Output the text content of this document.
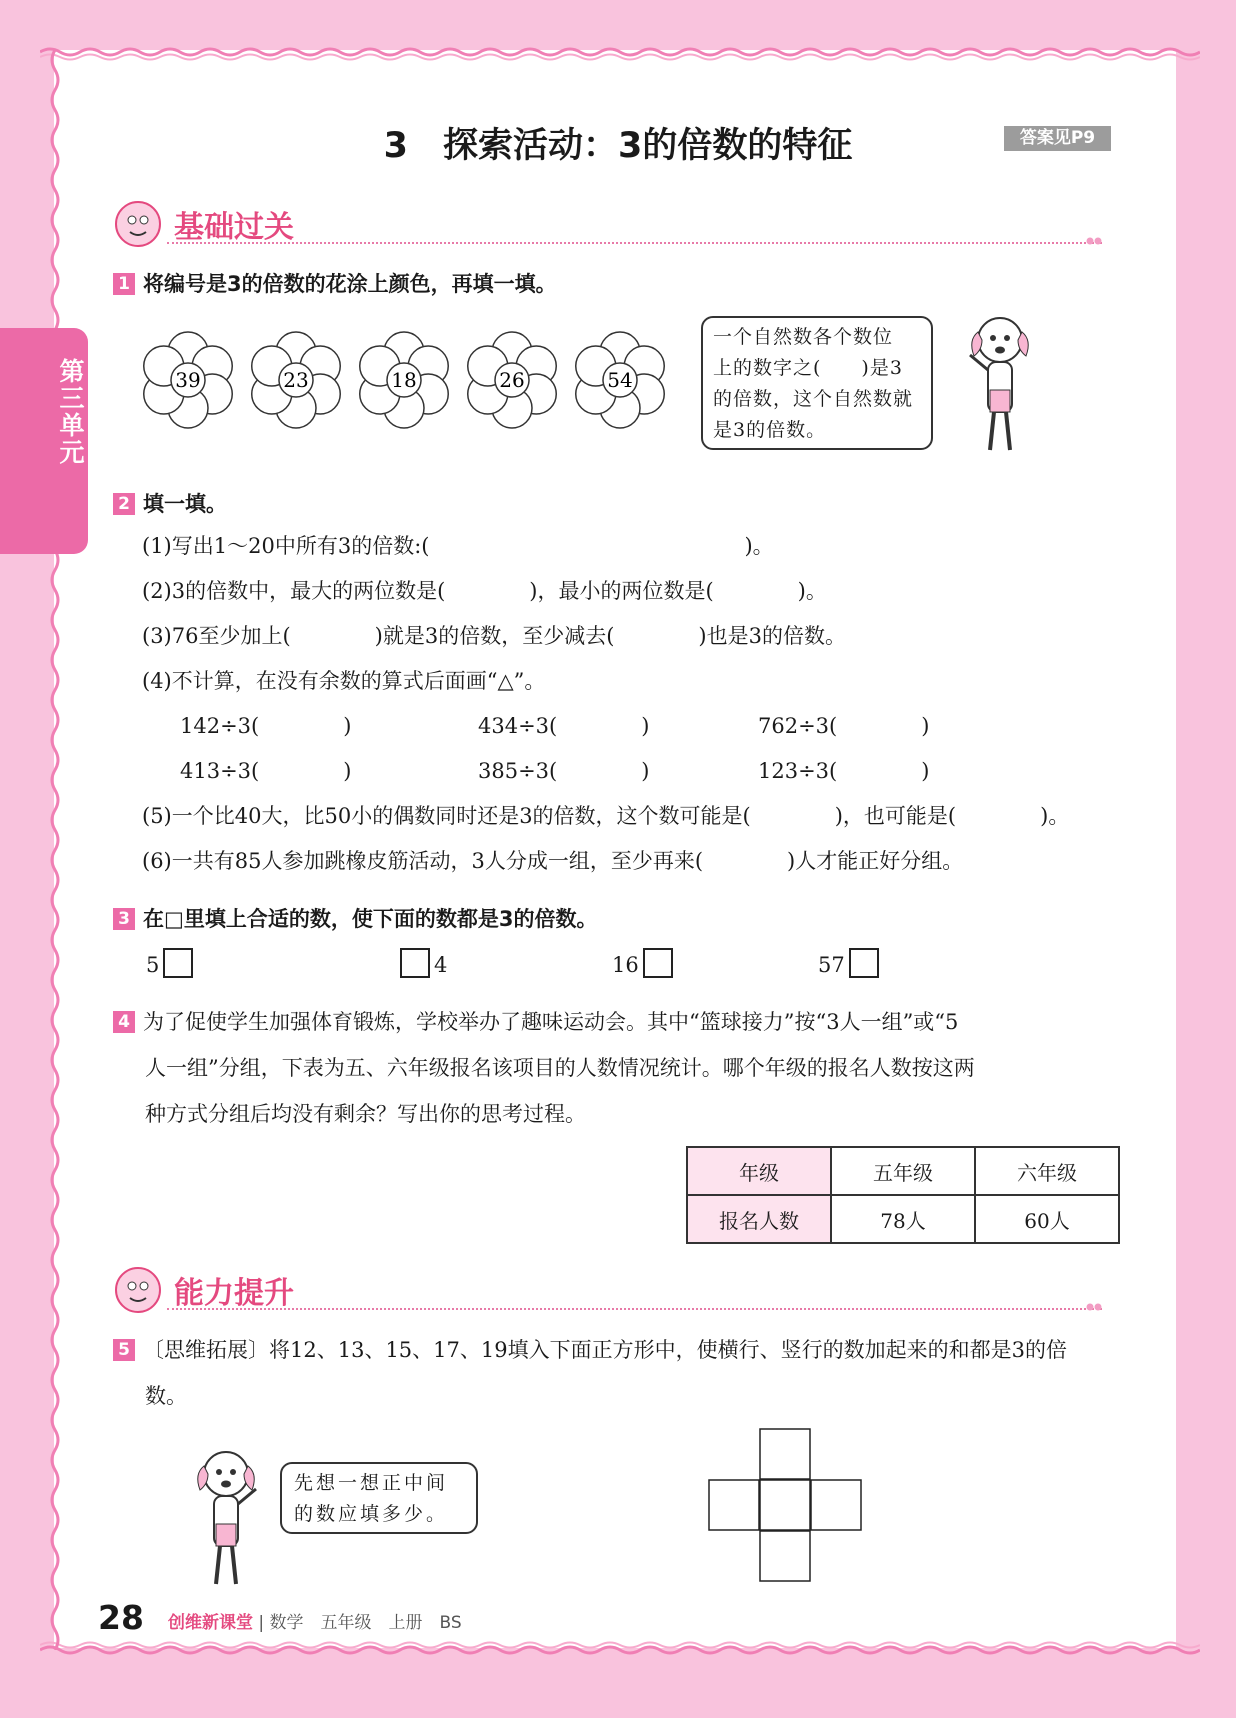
第三单元
3　探索活动：3的倍数的特征	答案见P9
基础过关
1 将编号是3的倍数的花涂上颜色，再填一填。
39	23	18	26	54
一个自然数各个数位
上的数字之(　　)是3
的倍数，这个自然数就
是3的倍数。
2 填一填。
(1)写出1～20中所有3的倍数:(　　　　　　　　　　　　　　　)。
(2)3的倍数中，最大的两位数是(　　　　)，最小的两位数是(　　　　)。
(3)76至少加上(　　　　)就是3的倍数，至少减去(　　　　)也是3的倍数。
(4)不计算，在没有余数的算式后面画“△”。
142÷3(　　　　)	434÷3(　　　　)	762÷3(　　　　)
413÷3(　　　　)	385÷3(　　　　)	123÷3(　　　　)
(5)一个比40大，比50小的偶数同时还是3的倍数，这个数可能是(　　　　)，也可能是(　　　　)。
(6)一共有85人参加跳橡皮筋活动，3人分成一组，至少再来(　　　　)人才能正好分组。
3 在□里填上合适的数，使下面的数都是3的倍数。
5	4	16	57
4 为了促使学生加强体育锻炼，学校举办了趣味运动会。其中“篮球接力”按“3人一组”或“5
人一组”分组，下表为五、六年级报名该项目的人数情况统计。哪个年级的报名人数按这两
种方式分组后均没有剩余？写出你的思考过程。
年级	五年级	六年级
报名人数	78人	60人
能力提升
5 〔思维拓展〕将12、13、15、17、19填入下面正方形中，使横行、竖行的数加起来的和都是3的倍
数。
先想一想正中间
的数应填多少。
28 创维新课堂 | 数学　五年级　上册　BS
